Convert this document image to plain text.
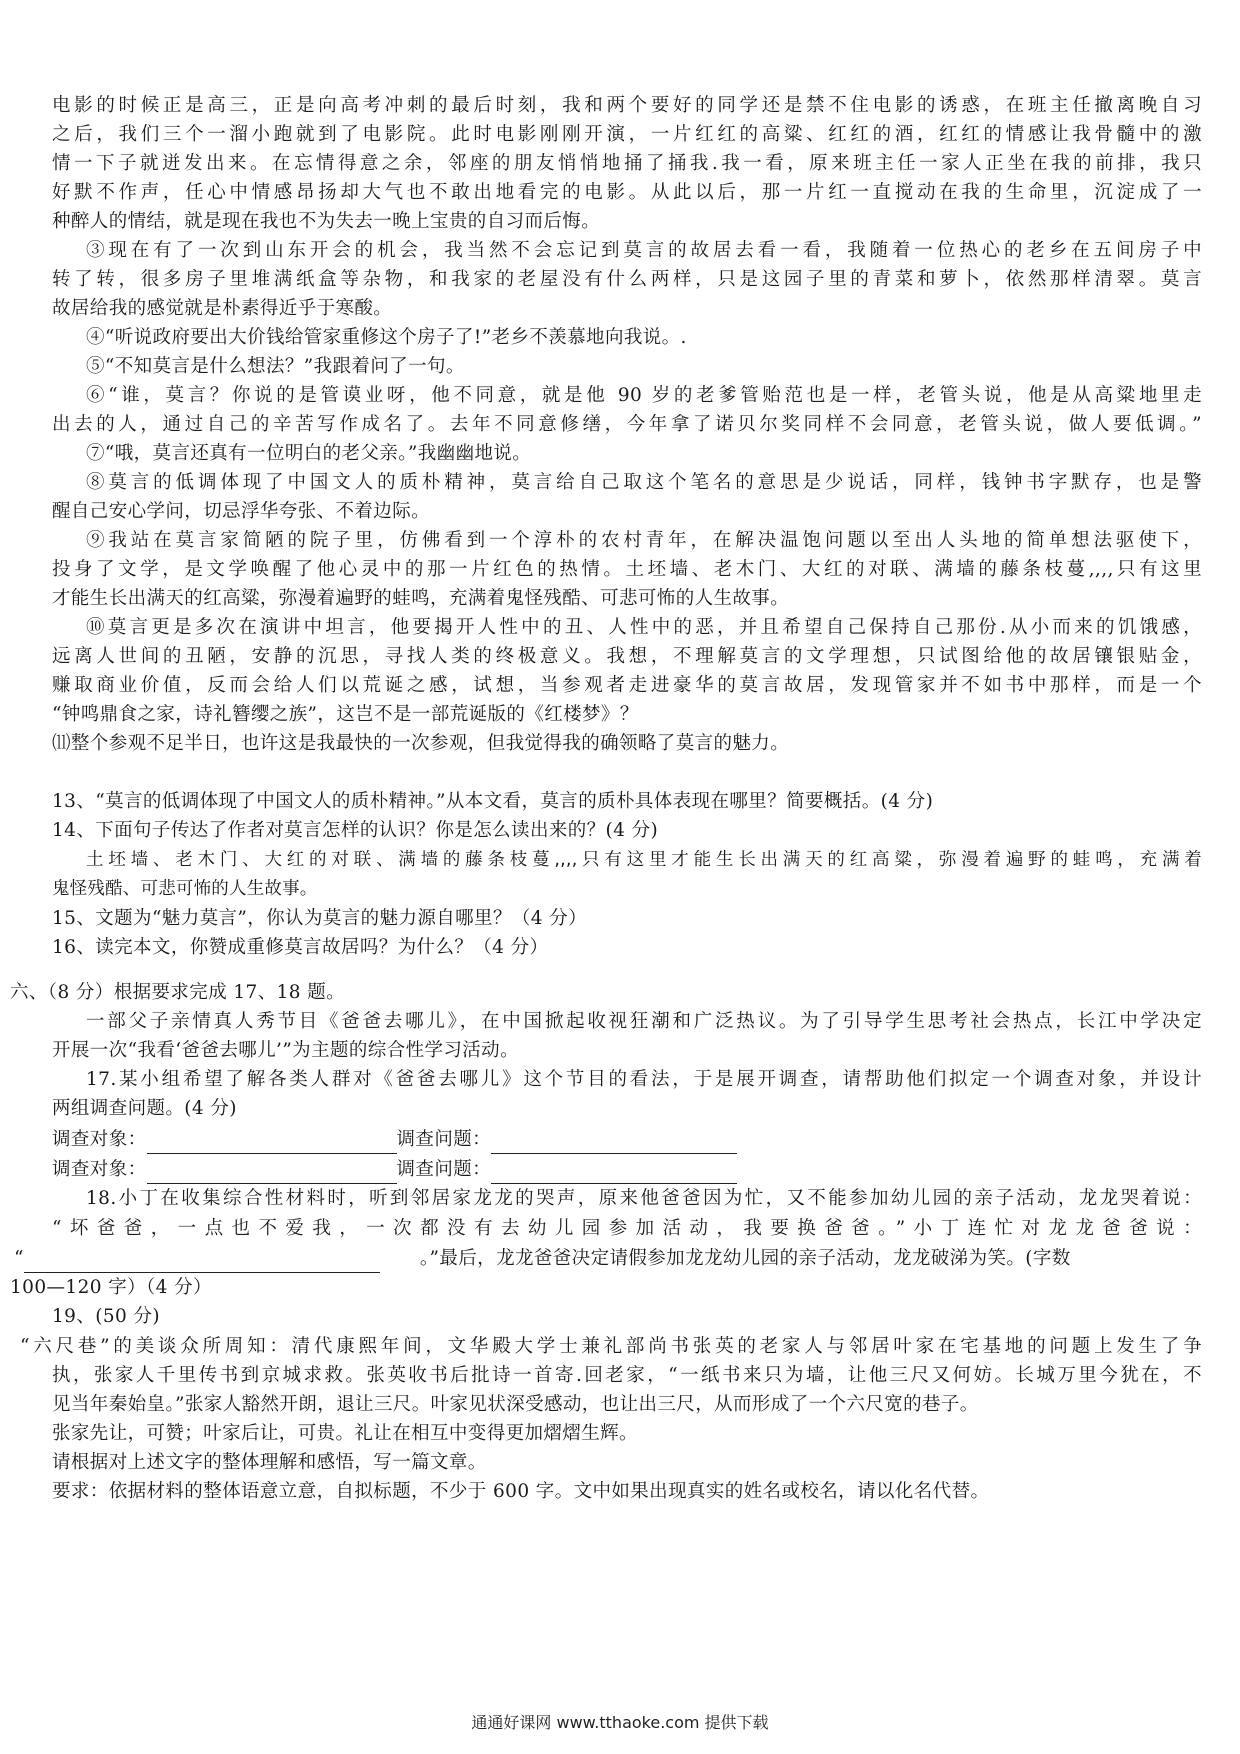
电影的时候正是高三，正是向高考冲刺的最后时刻，我和两个要好的同学还是禁不住电影的诱惑，在班主任撤离晚自习
之后，我们三个一溜小跑就到了电影院。此时电影刚刚开演，一片红红的高粱、红红的酒，红红的情感让我骨髓中的激
情一下子就迸发出来。在忘情得意之余，邻座的朋友悄悄地捅了捅我.我一看，原来班主任一家人正坐在我的前排，我只
好默不作声，任心中情感昂扬却大气也不敢出地看完的电影。从此以后，那一片红一直搅动在我的生命里，沉淀成了一
种醉人的情结，就是现在我也不为失去一晚上宝贵的自习而后悔。
③现在有了一次到山东开会的机会，我当然不会忘记到莫言的故居去看一看，我随着一位热心的老乡在五间房子中
转了转，很多房子里堆满纸盒等杂物，和我家的老屋没有什么两样，只是这园子里的青菜和萝卜，依然那样清翠。莫言
故居给我的感觉就是朴素得近乎于寒酸。
④“听说政府要出大价钱给管家重修这个房子了!”老乡不羡慕地向我说。.
⑤“不知莫言是什么想法？”我跟着问了一句。
⑥“谁，莫言？你说的是管谟业呀，他不同意，就是他 90 岁的老爹管贻范也是一样，老管头说，他是从高粱地里走
出去的人，通过自己的辛苦写作成名了。去年不同意修缮，今年拿了诺贝尔奖同样不会同意，老管头说，做人要低调。”
⑦“哦，莫言还真有一位明白的老父亲。”我幽幽地说。
⑧莫言的低调体现了中国文人的质朴精神，莫言给自己取这个笔名的意思是少说话，同样，钱钟书字默存，也是警
醒自己安心学问，切忌浮华夸张、不着边际。
⑨我站在莫言家简陋的院子里，仿佛看到一个淳朴的农村青年，在解决温饱问题以至出人头地的简单想法驱使下，
投身了文学，是文学唤醒了他心灵中的那一片红色的热情。土坯墙、老木门、大红的对联、满墙的藤条枝蔓,,,,只有这里
才能生长出满天的红高粱，弥漫着遍野的蛙鸣，充满着鬼怪残酷、可悲可怖的人生故事。
⑩莫言更是多次在演讲中坦言，他要揭开人性中的丑、人性中的恶，并且希望自己保持自己那份.从小而来的饥饿感，
远离人世间的丑陋，安静的沉思，寻找人类的终极意义。我想，不理解莫言的文学理想，只试图给他的故居镶银贴金，
赚取商业价值，反而会给人们以荒诞之感，试想，当参观者走进豪华的莫言故居，发现管家并不如书中那样，而是一个
“钟鸣鼎食之家，诗礼簪缨之族”，这岂不是一部荒诞版的《红楼梦》？
⑾整个参观不足半日，也许这是我最快的一次参观，但我觉得我的确领略了莫言的魅力。
13、“莫言的低调体现了中国文人的质朴精神。”从本文看，莫言的质朴具体表现在哪里？简要概括。(4 分)
14、下面句子传达了作者对莫言怎样的认识？你是怎么读出来的？(4 分)
土坯墙、老木门、大红的对联、满墙的藤条枝蔓,,,,只有这里才能生长出满天的红高粱，弥漫着遍野的蛙鸣，充满着
鬼怪残酷、可悲可怖的人生故事。
15、文题为“魅力莫言”，你认为莫言的魅力源自哪里？（4 分）
16、读完本文，你赞成重修莫言故居吗？为什么？（4 分）
六、（8 分）根据要求完成 17、18 题。
一部父子亲情真人秀节目《爸爸去哪儿》，在中国掀起收视狂潮和广泛热议。为了引导学生思考社会热点，长江中学决定
开展一次“我看‘爸爸去哪儿’”为主题的综合性学习活动。
17.某小组希望了解各类人群对《爸爸去哪儿》这个节目的看法，于是展开调查，请帮助他们拟定一个调查对象，并设计
两组调查问题。(4 分)
调查对象：	调查问题：
调查对象：	调查问题：
18.小丁在收集综合性材料时，听到邻居家龙龙的哭声，原来他爸爸因为忙，又不能参加幼儿园的亲子活动，龙龙哭着说：
“坏爸爸，一点也不爱我，一次都没有去幼儿园参加活动，我要换爸爸。”小丁连忙对龙龙爸爸说：
“	。”最后，龙龙爸爸决定请假参加龙龙幼儿园的亲子活动，龙龙破涕为笑。(字数
100—120 字）（4 分）
19、(50 分)
“六尺巷”的美谈众所周知：清代康熙年间，文华殿大学士兼礼部尚书张英的老家人与邻居叶家在宅基地的问题上发生了争
执，张家人千里传书到京城求救。张英收书后批诗一首寄.回老家，“一纸书来只为墙，让他三尺又何妨。长城万里今犹在，不
见当年秦始皇。”张家人豁然开朗，退让三尺。叶家见状深受感动，也让出三尺，从而形成了一个六尺宽的巷子。
张家先让，可赞；叶家后让，可贵。礼让在相互中变得更加熠熠生辉。
请根据对上述文字的整体理解和感悟，写一篇文章。
要求：依据材料的整体语意立意，自拟标题，不少于 600 字。文中如果出现真实的姓名或校名，请以化名代替。
通通好课网 www.tthaoke.com 提供下载
